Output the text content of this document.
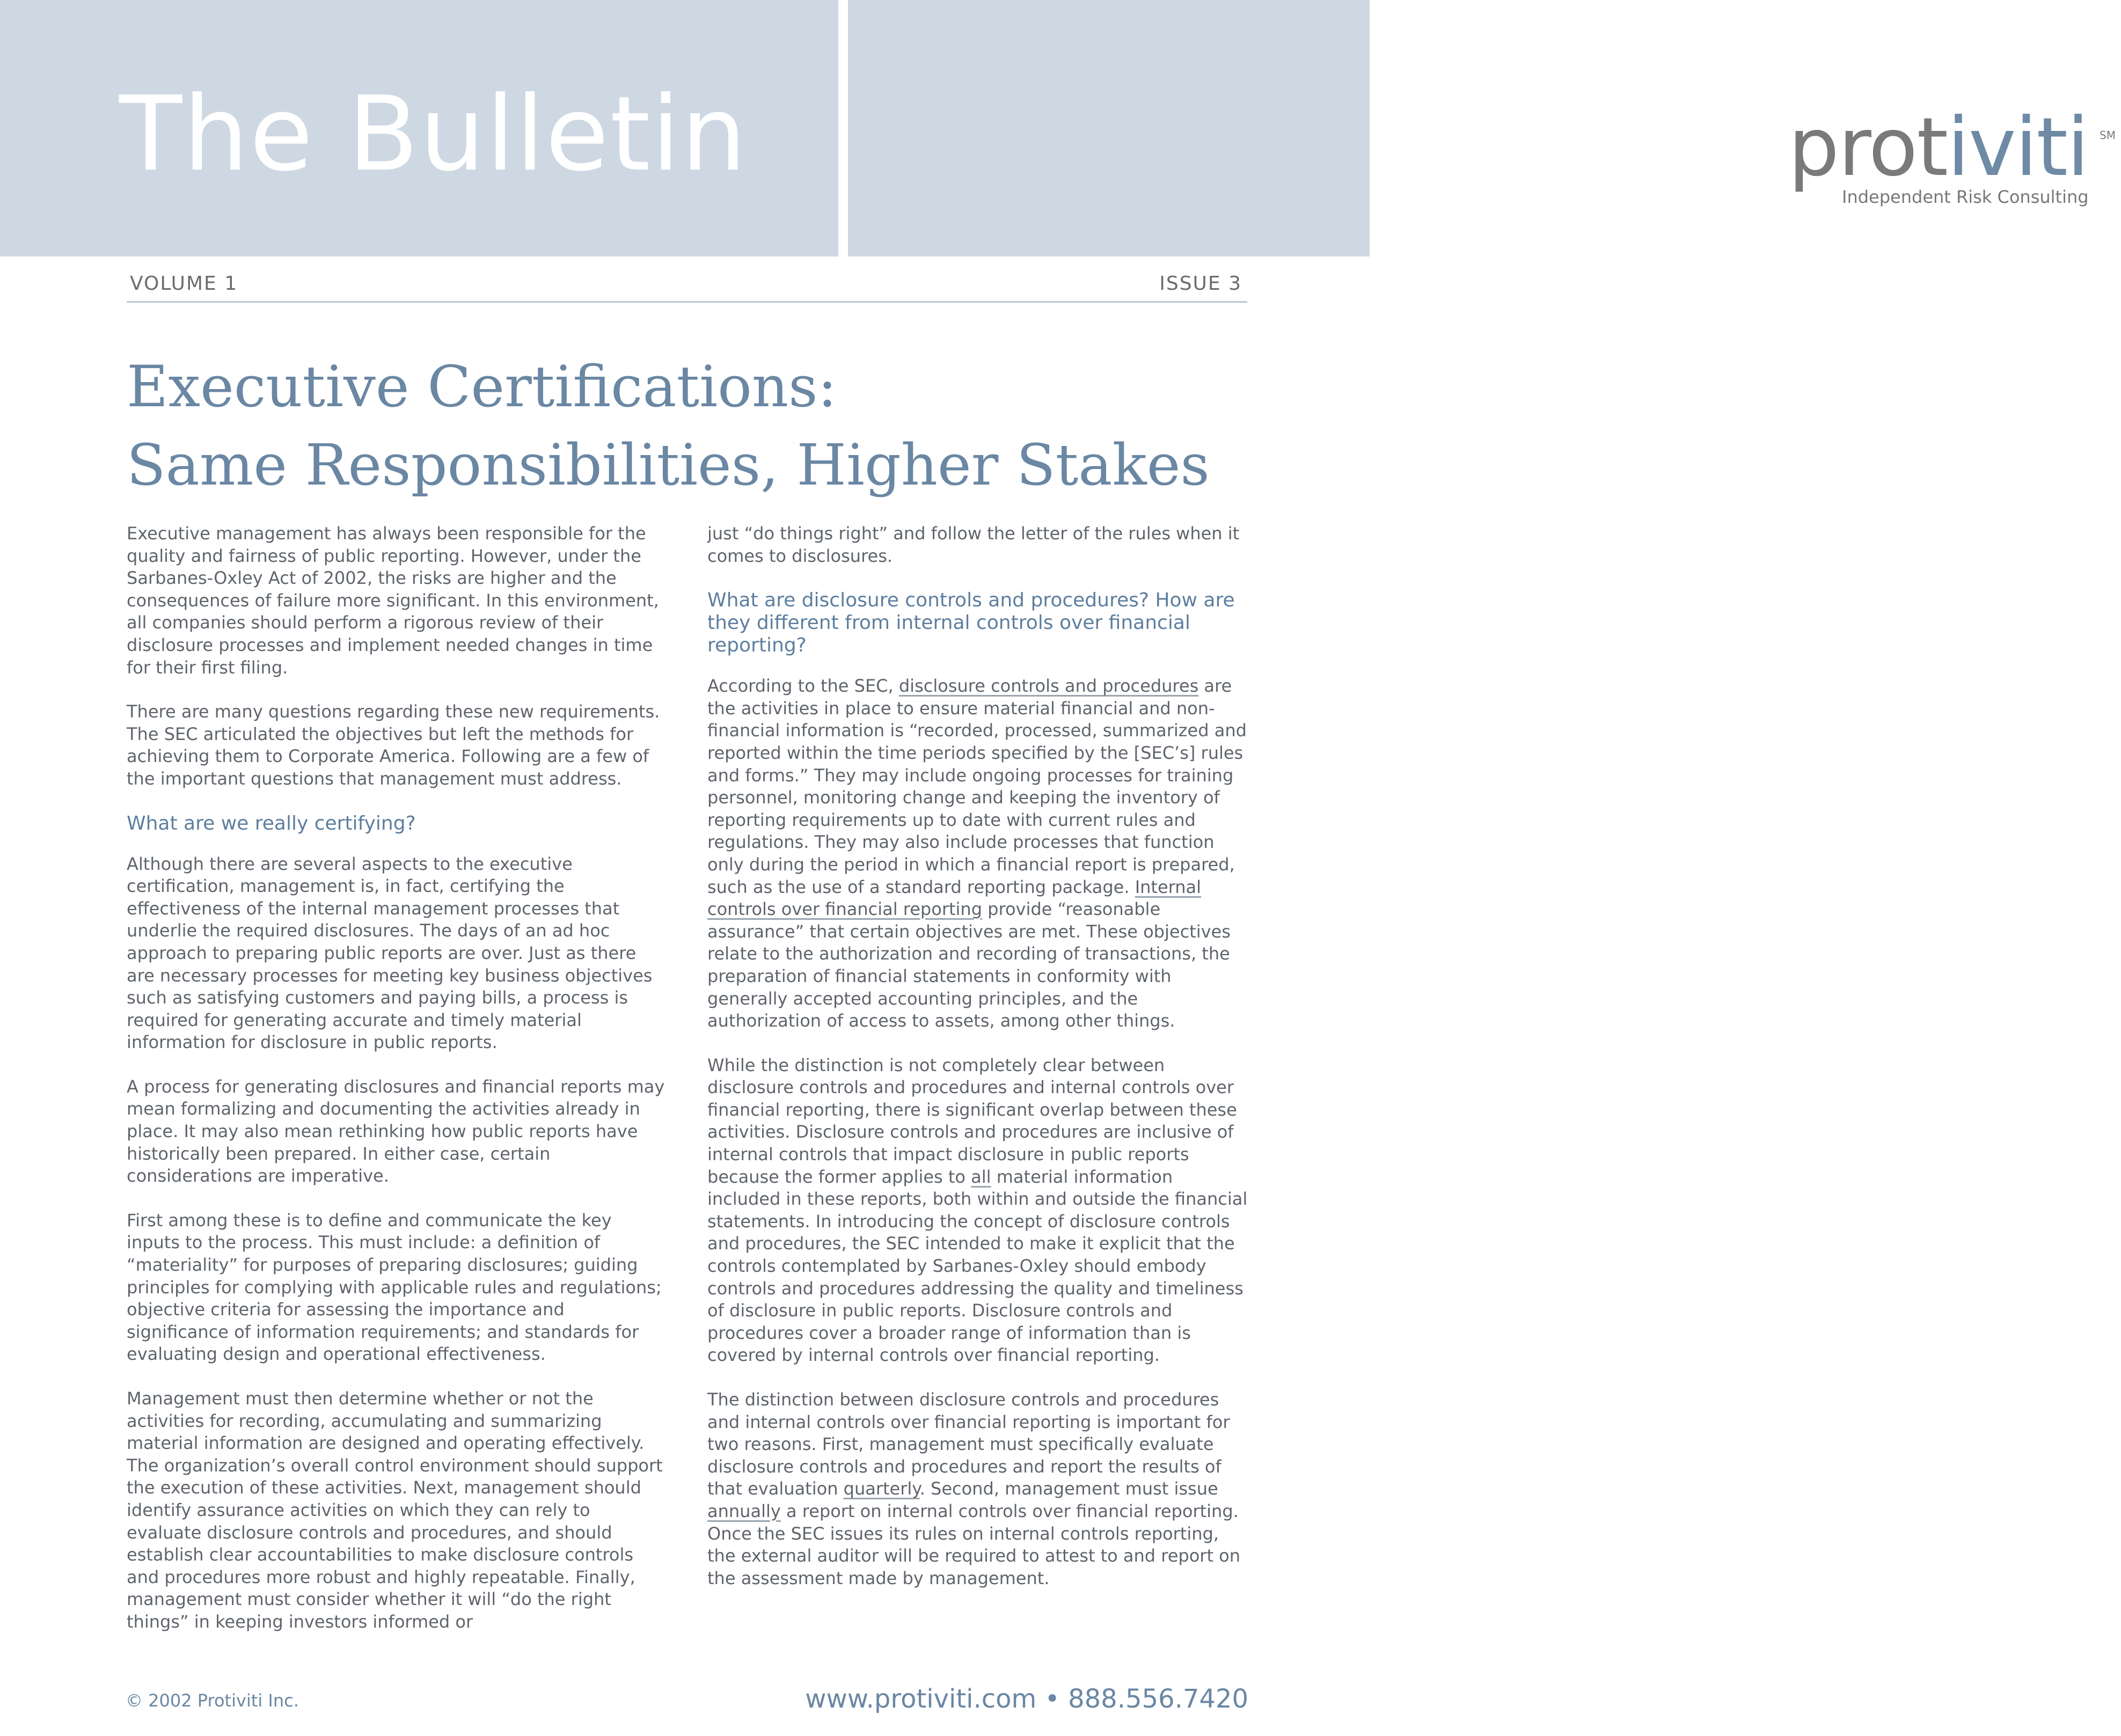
The Bulletin	protiviti SM
Independent Risk Consulting
VOLUME 1	ISSUE 3
Executive Certifications:
Same Responsibilities, Higher Stakes

Executive management has always been responsible for the quality and fairness of public reporting. However, under the Sarbanes-Oxley Act of 2002, the risks are higher and the consequences of failure more significant. In this environment, all companies should perform a rigorous review of their disclosure processes and implement needed changes in time for their first filing.

There are many questions regarding these new requirements. The SEC articulated the objectives but left the methods for achieving them to Corporate America. Following are a few of the important questions that management must address.

What are we really certifying?

Although there are several aspects to the executive certification, management is, in fact, certifying the effectiveness of the internal management processes that underlie the required disclosures. The days of an ad hoc approach to preparing public reports are over. Just as there are necessary processes for meeting key business objectives such as satisfying customers and paying bills, a process is required for generating accurate and timely material information for disclosure in public reports.

A process for generating disclosures and financial reports may mean formalizing and documenting the activities already in place. It may also mean rethinking how public reports have historically been prepared. In either case, certain considerations are imperative.

First among these is to define and communicate the key inputs to the process. This must include: a definition of “materiality” for purposes of preparing disclosures; guiding principles for complying with applicable rules and regulations; objective criteria for assessing the importance and significance of information requirements; and standards for evaluating design and operational effectiveness.

Management must then determine whether or not the activities for recording, accumulating and summarizing material information are designed and operating effectively. The organization’s overall control environment should support the execution of these activities. Next, management should identify assurance activities on which they can rely to evaluate disclosure controls and procedures, and should establish clear accountabilities to make disclosure controls and procedures more robust and highly repeatable. Finally, management must consider whether it will “do the right things” in keeping investors informed or

just “do things right” and follow the letter of the rules when it comes to disclosures.

What are disclosure controls and procedures? How are they different from internal controls over financial reporting?

According to the SEC, disclosure controls and procedures are the activities in place to ensure material financial and non-financial information is “recorded, processed, summarized and reported within the time periods specified by the [SEC’s] rules and forms.” They may include ongoing processes for training personnel, monitoring change and keeping the inventory of reporting requirements up to date with current rules and regulations. They may also include processes that function only during the period in which a financial report is prepared, such as the use of a standard reporting package. Internal controls over financial reporting provide “reasonable assurance” that certain objectives are met. These objectives relate to the authorization and recording of transactions, the preparation of financial statements in conformity with generally accepted accounting principles, and the authorization of access to assets, among other things.

While the distinction is not completely clear between disclosure controls and procedures and internal controls over financial reporting, there is significant overlap between these activities. Disclosure controls and procedures are inclusive of internal controls that impact disclosure in public reports because the former applies to all material information included in these reports, both within and outside the financial statements. In introducing the concept of disclosure controls and procedures, the SEC intended to make it explicit that the controls contemplated by Sarbanes-Oxley should embody controls and procedures addressing the quality and timeliness of disclosure in public reports. Disclosure controls and procedures cover a broader range of information than is covered by internal controls over financial reporting.

The distinction between disclosure controls and procedures and internal controls over financial reporting is important for two reasons. First, management must specifically evaluate disclosure controls and procedures and report the results of that evaluation quarterly. Second, management must issue annually a report on internal controls over financial reporting. Once the SEC issues its rules on internal controls reporting, the external auditor will be required to attest to and report on the assessment made by management.

© 2002 Protiviti Inc.	www.protiviti.com • 888.556.7420
